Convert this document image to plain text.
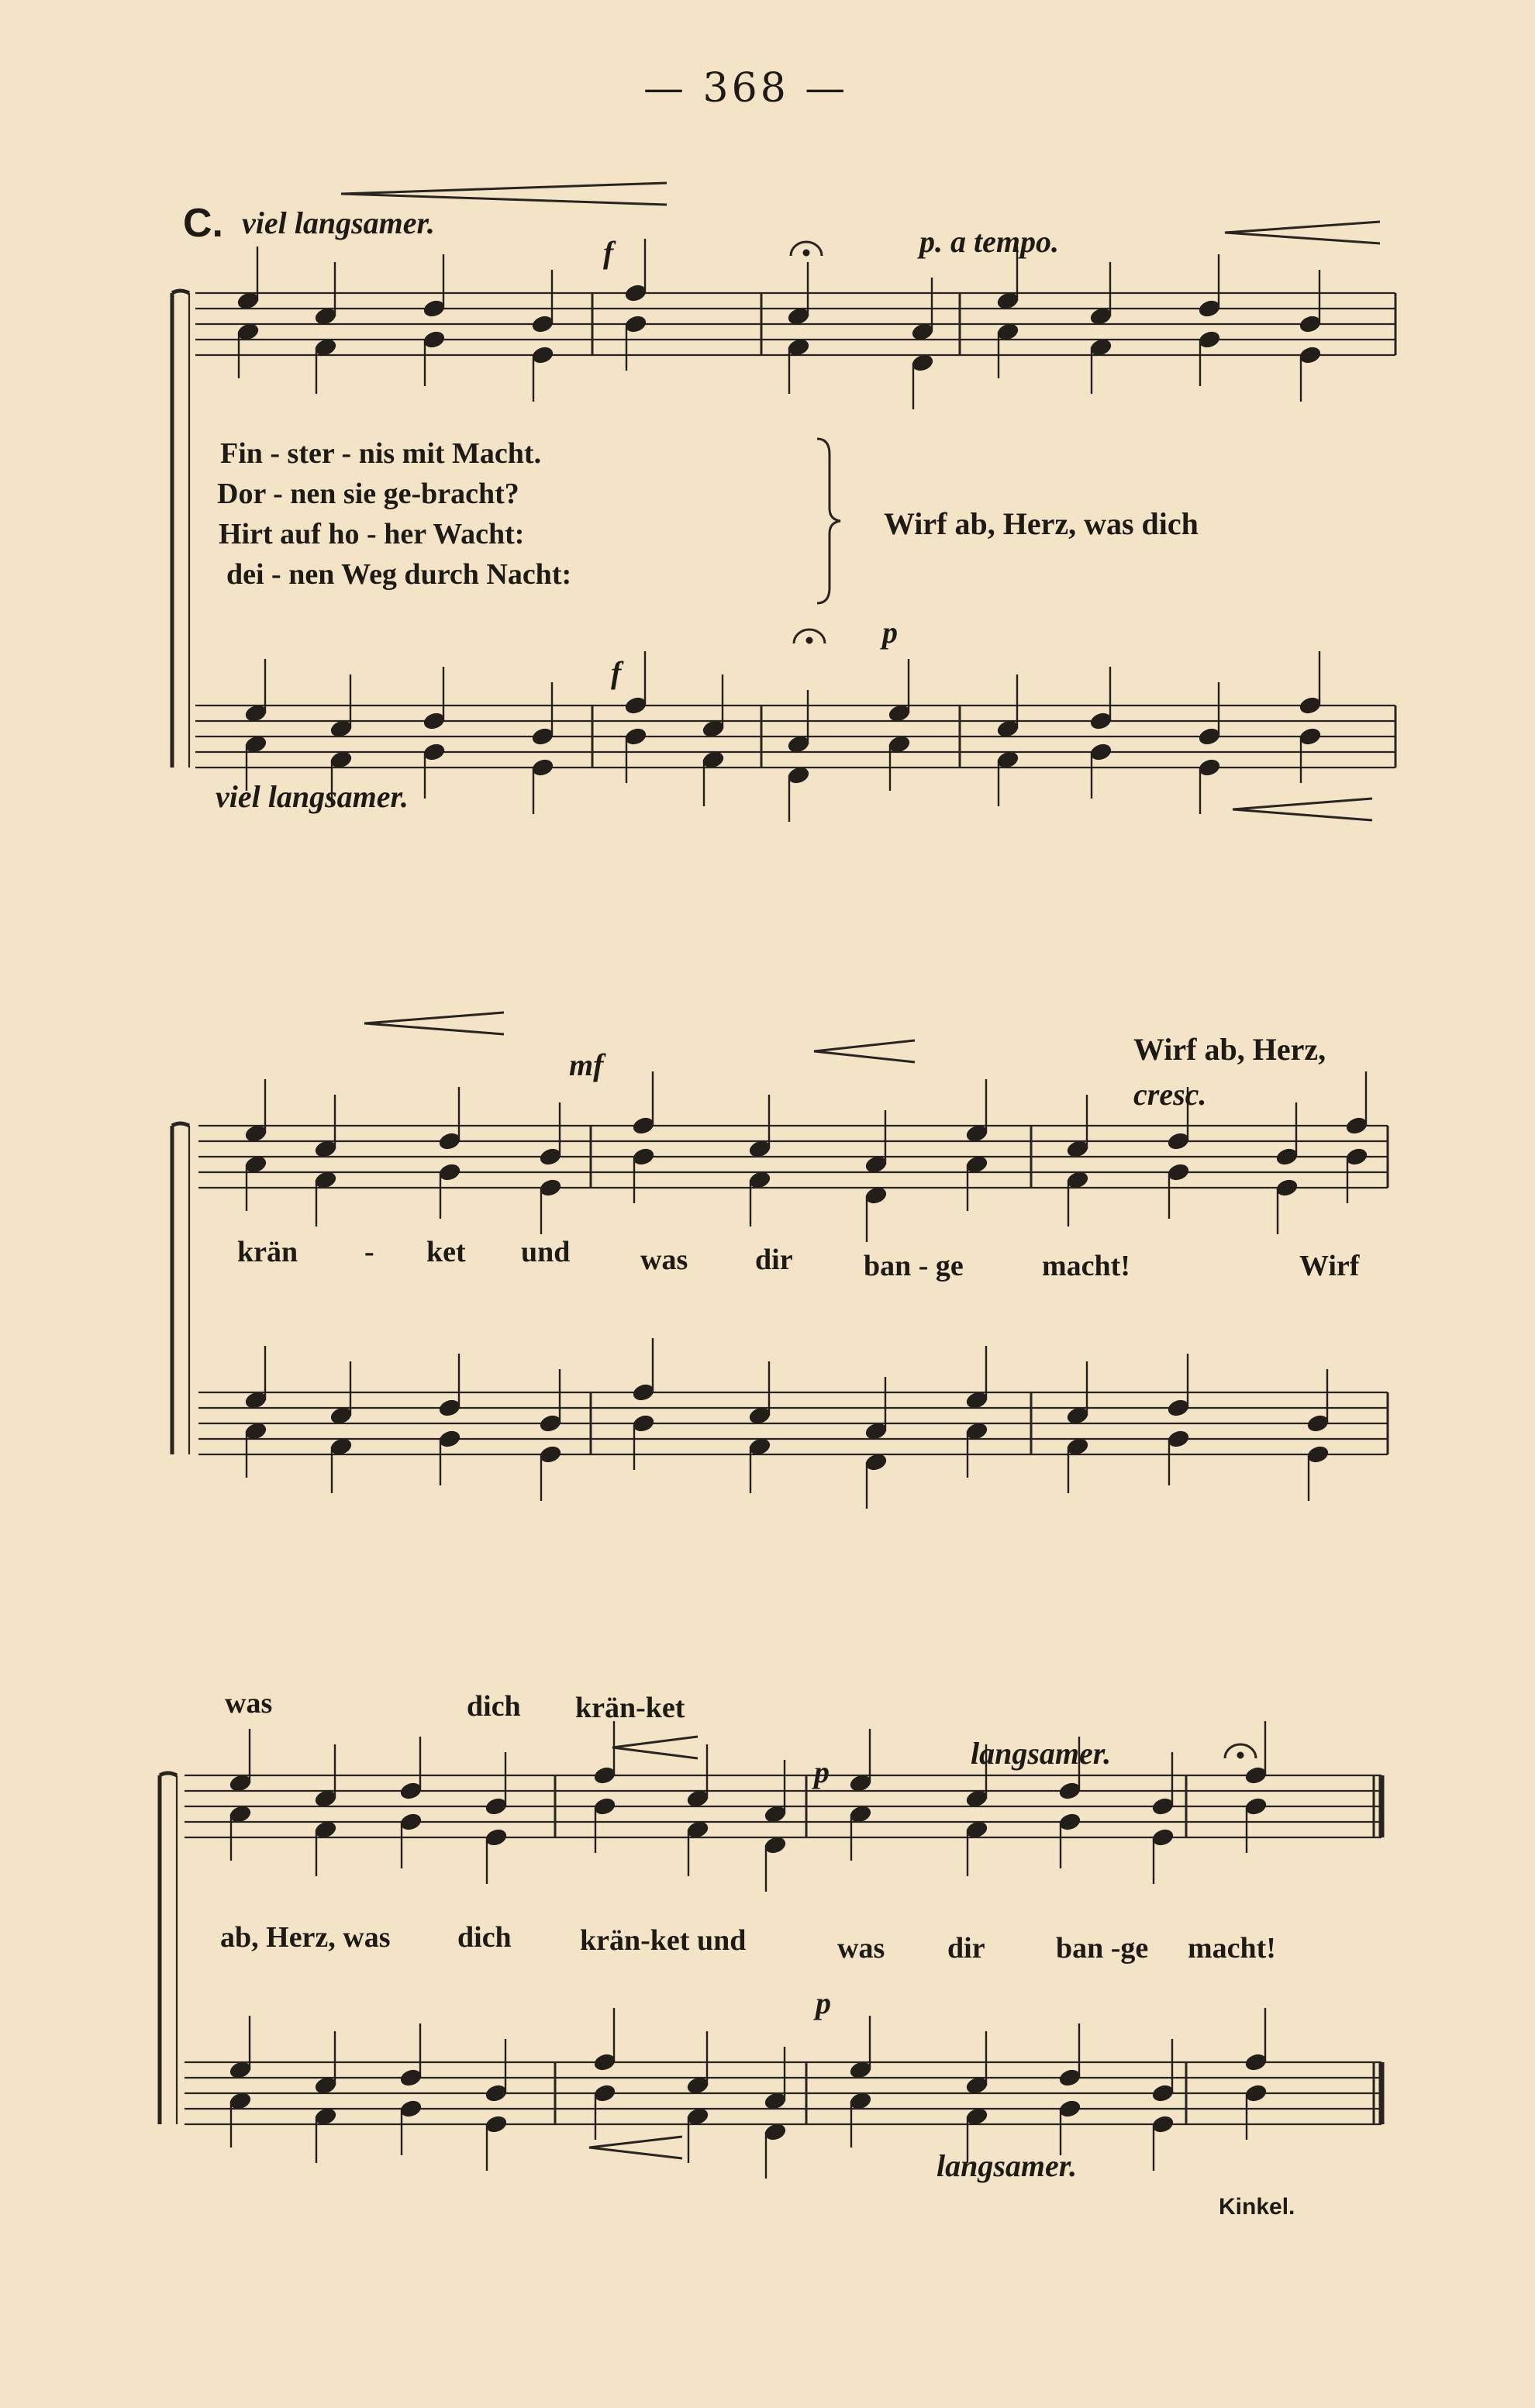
— 368 —
C. viel langsamer.
f	p. a tempo.
Fin - ster - nis mit Macht.
Dor - nen sie ge-bracht?
Hirt auf ho - her Wacht:
dei - nen Weg durch Nacht:
Wirf ab, Herz, was dich
f
p
viel langsamer.
mf	Wirf ab, Herz,
cresc.
krän - ket und was dir ban - ge	macht!	Wirf
was	dich krän-ket
langsamer.
p
ab, Herz, was dich krän-ket und	was dir ban -ge macht!
p
langsamer.
Kinkel.
